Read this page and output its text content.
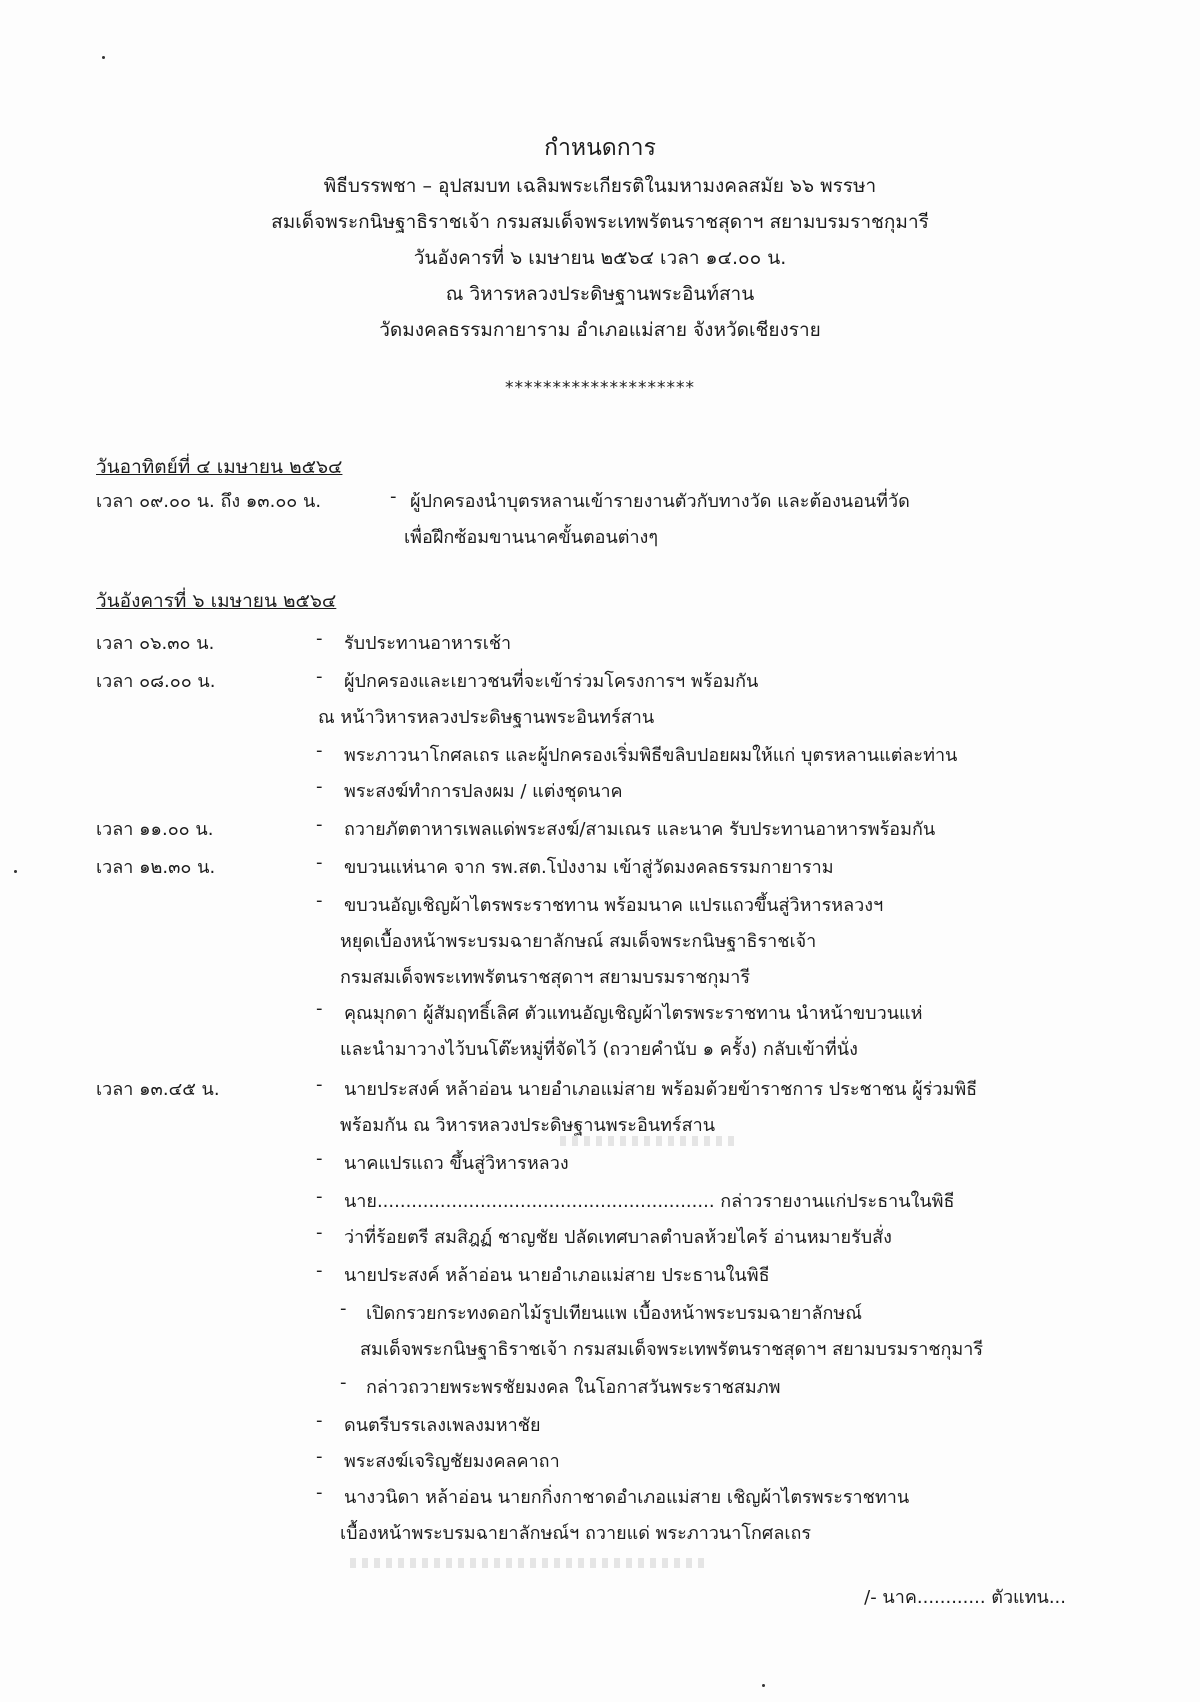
กำหนดการ
พิธีบรรพชา – อุปสมบท เฉลิมพระเกียรติในมหามงคลสมัย ๖๖ พรรษา
สมเด็จพระกนิษฐาธิราชเจ้า กรมสมเด็จพระเทพรัตนราชสุดาฯ สยามบรมราชกุมารี
วันอังคารที่ ๖ เมษายน ๒๕๖๔ เวลา ๑๔.๐๐ น.
ณ วิหารหลวงประดิษฐานพระอินท์สาน
วัดมงคลธรรมกายาราม อำเภอแม่สาย จังหวัดเชียงราย
********************
วันอาทิตย์ที่ ๔ เมษายน ๒๕๖๔
เวลา ๐๙.๐๐ น. ถึง ๑๓.๐๐ น.	- ผู้ปกครองนำบุตรหลานเข้ารายงานตัวกับทางวัด และต้องนอนที่วัด
เพื่อฝึกซ้อมขานนาคขั้นตอนต่างๆ
วันอังคารที่ ๖ เมษายน ๒๕๖๔
เวลา ๐๖.๓๐ น.	- รับประทานอาหารเช้า
เวลา ๐๘.๐๐ น.	- ผู้ปกครองและเยาวชนที่จะเข้าร่วมโครงการฯ พร้อมกัน
ณ หน้าวิหารหลวงประดิษฐานพระอินทร์สาน
- พระภาวนาโกศลเถร และผู้ปกครองเริ่มพิธีขลิบปอยผมให้แก่ บุตรหลานแต่ละท่าน
- พระสงฆ์ทำการปลงผม / แต่งชุดนาค
เวลา ๑๑.๐๐ น.	- ถวายภัตตาหารเพลแด่พระสงฆ์/สามเณร และนาค รับประทานอาหารพร้อมกัน
เวลา ๑๒.๓๐ น.	- ขบวนแห่นาค จาก รพ.สต.โป่งงาม เข้าสู่วัดมงคลธรรมกายาราม
- ขบวนอัญเชิญผ้าไตรพระราชทาน พร้อมนาค แปรแถวขึ้นสู่วิหารหลวงฯ
หยุดเบื้องหน้าพระบรมฉายาลักษณ์ สมเด็จพระกนิษฐาธิราชเจ้า
กรมสมเด็จพระเทพรัตนราชสุดาฯ สยามบรมราชกุมารี
- คุณมุกดา ผู้สัมฤทธิ์เลิศ ตัวแทนอัญเชิญผ้าไตรพระราชทาน นำหน้าขบวนแห่
และนำมาวางไว้บนโต๊ะหมู่ที่จัดไว้ (ถวายคำนับ ๑ ครั้ง) กลับเข้าที่นั่ง
เวลา ๑๓.๔๕ น.	- นายประสงค์ หล้าอ่อน นายอำเภอแม่สาย พร้อมด้วยข้าราชการ ประชาชน ผู้ร่วมพิธี
พร้อมกัน ณ วิหารหลวงประดิษฐานพระอินทร์สาน
- นาคแปรแถว ขึ้นสู่วิหารหลวง
- นาย........................................................... กล่าวรายงานแก่ประธานในพิธี
- ว่าที่ร้อยตรี สมสิฎฏ์ ชาญชัย ปลัดเทศบาลตำบลห้วยไคร้ อ่านหมายรับสั่ง
- นายประสงค์ หล้าอ่อน นายอำเภอแม่สาย ประธานในพิธี
- เปิดกรวยกระทงดอกไม้รูปเทียนแพ เบื้องหน้าพระบรมฉายาลักษณ์
สมเด็จพระกนิษฐาธิราชเจ้า กรมสมเด็จพระเทพรัตนราชสุดาฯ สยามบรมราชกุมารี
- กล่าวถวายพระพรชัยมงคล ในโอกาสวันพระราชสมภพ
- ดนตรีบรรเลงเพลงมหาชัย
- พระสงฆ์เจริญชัยมงคลคาถา
- นางวนิดา หล้าอ่อน นายกกิ่งกาชาดอำเภอแม่สาย เชิญผ้าไตรพระราชทาน
เบื้องหน้าพระบรมฉายาลักษณ์ฯ ถวายแด่ พระภาวนาโกศลเถร
/- นาค............ ตัวแทน...
